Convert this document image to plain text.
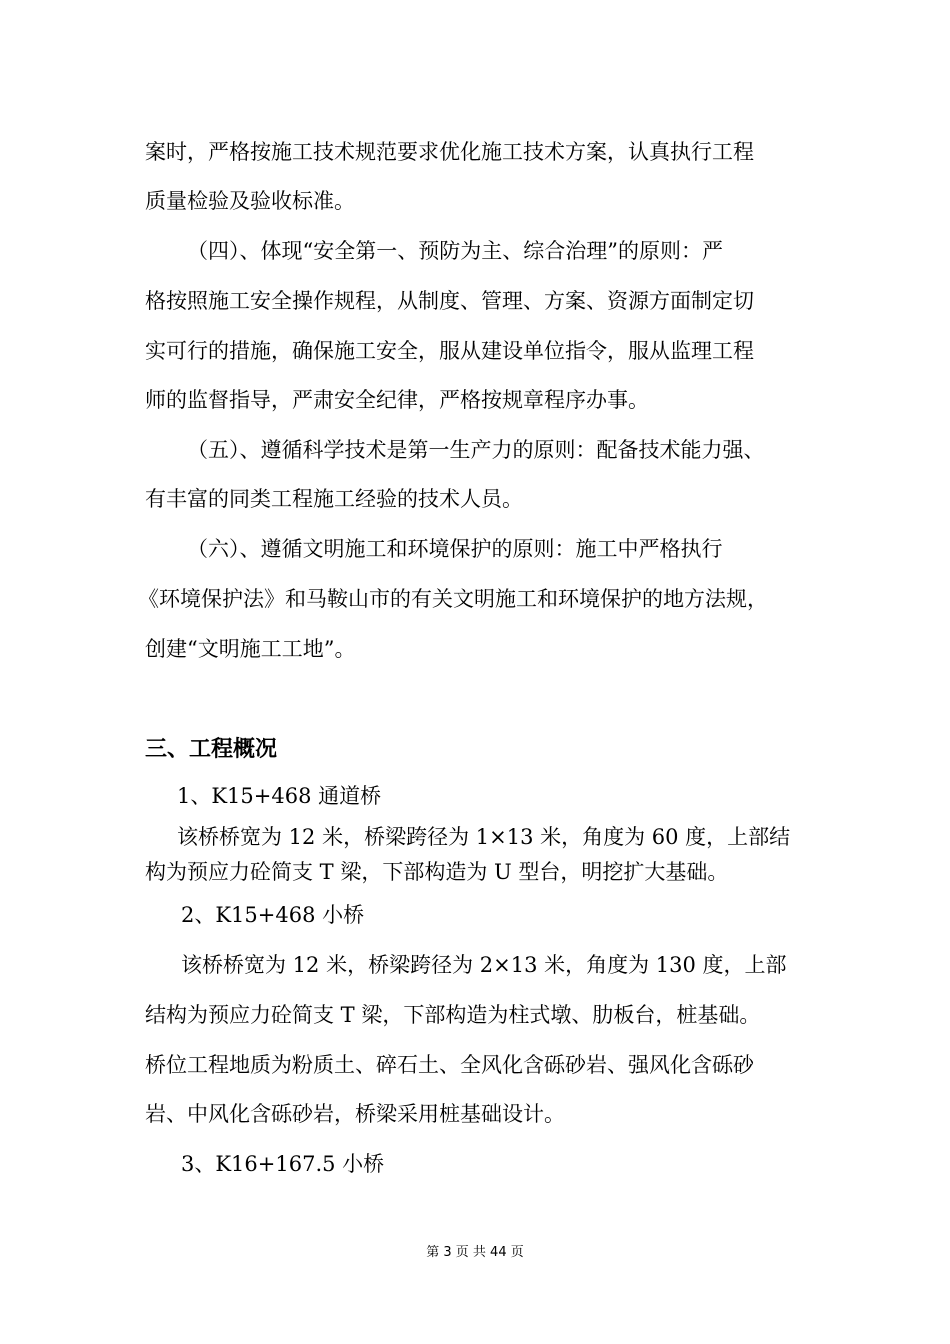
案时，严格按施工技术规范要求优化施工技术方案，认真执行工程

质量检验及验收标准。

（四）、体现“安全第一、预防为主、综合治理”的原则：严

格按照施工安全操作规程，从制度、管理、方案、资源方面制定切

实可行的措施，确保施工安全，服从建设单位指令，服从监理工程

师的监督指导，严肃安全纪律，严格按规章程序办事。

（五）、遵循科学技术是第一生产力的原则：配备技术能力强、

有丰富的同类工程施工经验的技术人员。

（六）、遵循文明施工和环境保护的原则：施工中严格执行

《环境保护法》和马鞍山市的有关文明施工和环境保护的地方法规，

创建“文明施工工地”。

三、工程概况

1、K15+468 通道桥

该桥桥宽为 12 米，桥梁跨径为 1×13 米，角度为 60 度，上部结

构为预应力砼简支 T 梁，下部构造为 U 型台，明挖扩大基础。

2、K15+468 小桥

该桥桥宽为 12 米，桥梁跨径为 2×13 米，角度为 130 度，上部

结构为预应力砼简支 T 梁，下部构造为柱式墩、肋板台，桩基础。

桥位工程地质为粉质土、碎石土、全风化含砾砂岩、强风化含砾砂

岩、中风化含砾砂岩，桥梁采用桩基础设计。

3、K16+167.5 小桥

第 3 页 共 44 页
